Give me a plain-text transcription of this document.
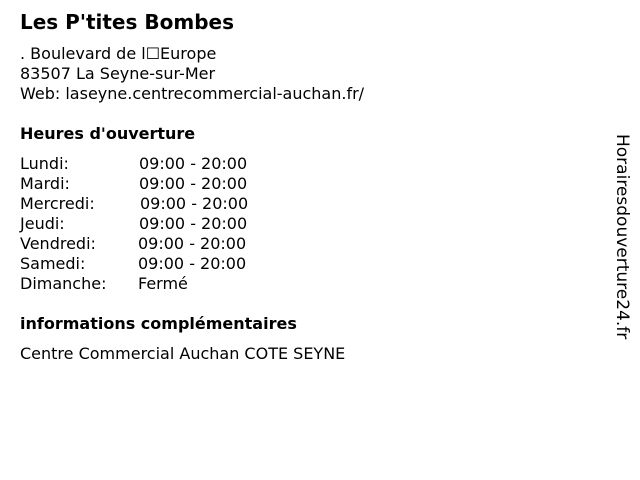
Les P'tites Bombes
. Boulevard de l☐Europe
83507 La Seyne-sur-Mer
Web: laseyne.centrecommercial-auchan.fr/
Heures d'ouverture
Lundi:	09:00 - 20:00
Mardi:	09:00 - 20:00
Mercredi:	09:00 - 20:00
Jeudi:	09:00 - 20:00
Vendredi:	09:00 - 20:00
Samedi:	09:00 - 20:00
Dimanche: Fermé
informations complémentaires
Centre Commercial Auchan COTE SEYNE
Horairesdouverture24.fr
